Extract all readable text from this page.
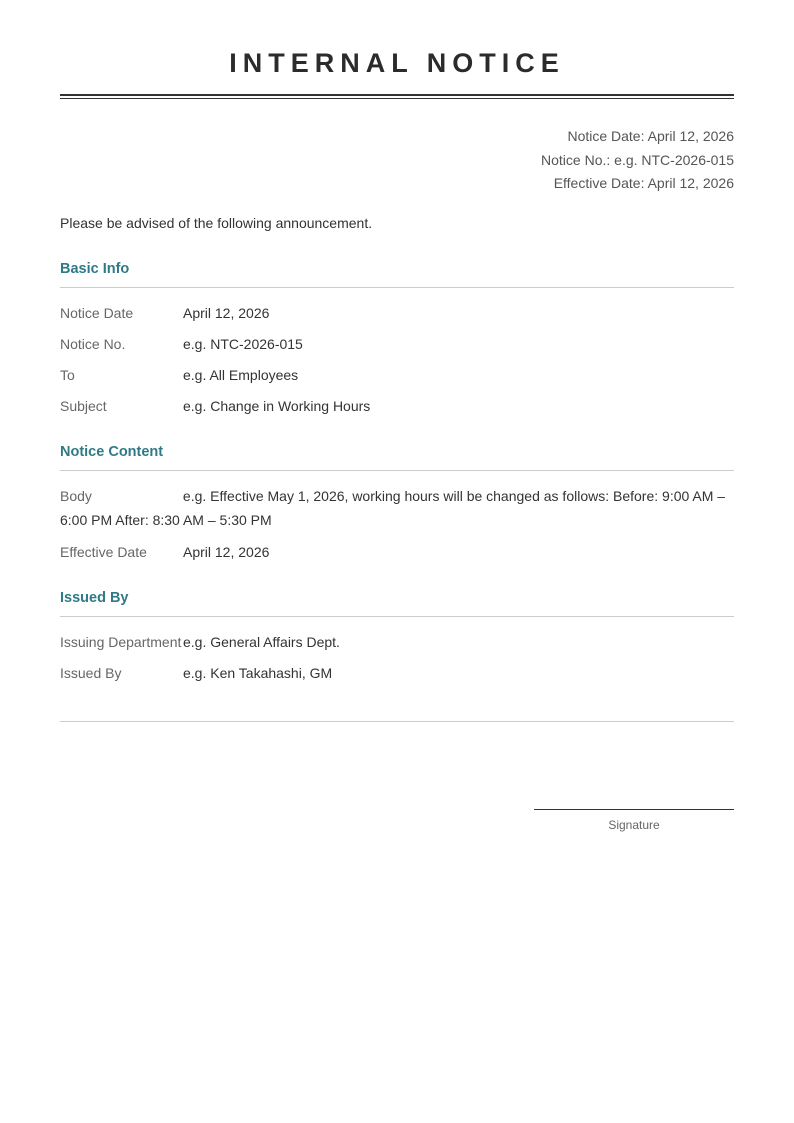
INTERNAL NOTICE
Notice Date: April 12, 2026
Notice No.: e.g. NTC-2026-015
Effective Date: April 12, 2026
Please be advised of the following announcement.
Basic Info
Notice Date	April 12, 2026
Notice No.	e.g. NTC-2026-015
To	e.g. All Employees
Subject	e.g. Change in Working Hours
Notice Content
Body	e.g. Effective May 1, 2026, working hours will be changed as follows: Before: 9:00 AM – 6:00 PM After: 8:30 AM – 5:30 PM
Effective Date	April 12, 2026
Issued By
Issuing Department e.g. General Affairs Dept.
Issued By	e.g. Ken Takahashi, GM
Signature
